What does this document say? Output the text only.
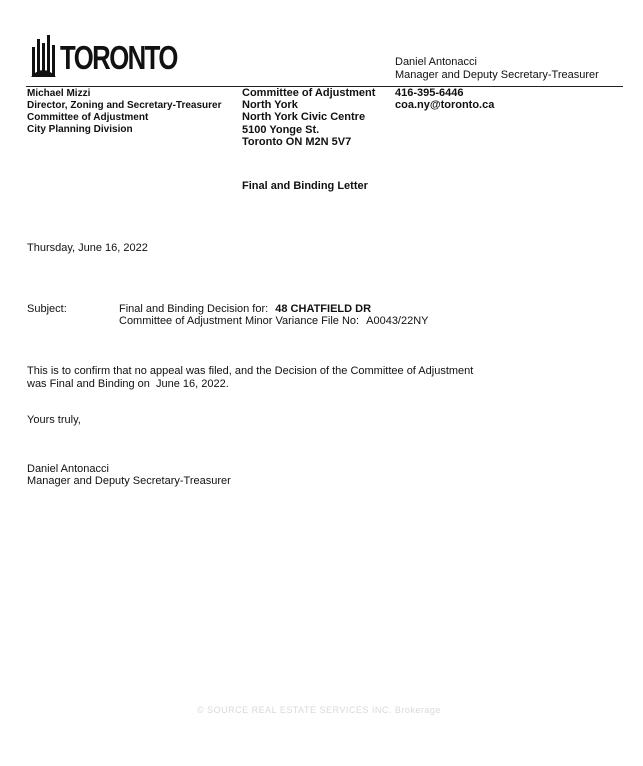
TORONTO	Daniel Antonacci
Manager and Deputy Secretary-Treasurer
Michael Mizzi
Director, Zoning and Secretary-Treasurer
Committee of Adjustment
City Planning Division
Committee of Adjustment
North York
North York Civic Centre
5100 Yonge St.
Toronto ON M2N 5V7
416-395-6446
coa.ny@toronto.ca
Final and Binding Letter
Thursday, June 16, 2022
Subject:	Final and Binding Decision for: 48 CHATFIELD DR
Committee of Adjustment Minor Variance File No: A0043/22NY
This is to confirm that no appeal was filed, and the Decision of the Committee of Adjustment
was Final and Binding on June 16, 2022.
Yours truly,
Daniel Antonacci
Manager and Deputy Secretary-Treasurer
© SOURCE REAL ESTATE SERVICES INC. Brokerage
